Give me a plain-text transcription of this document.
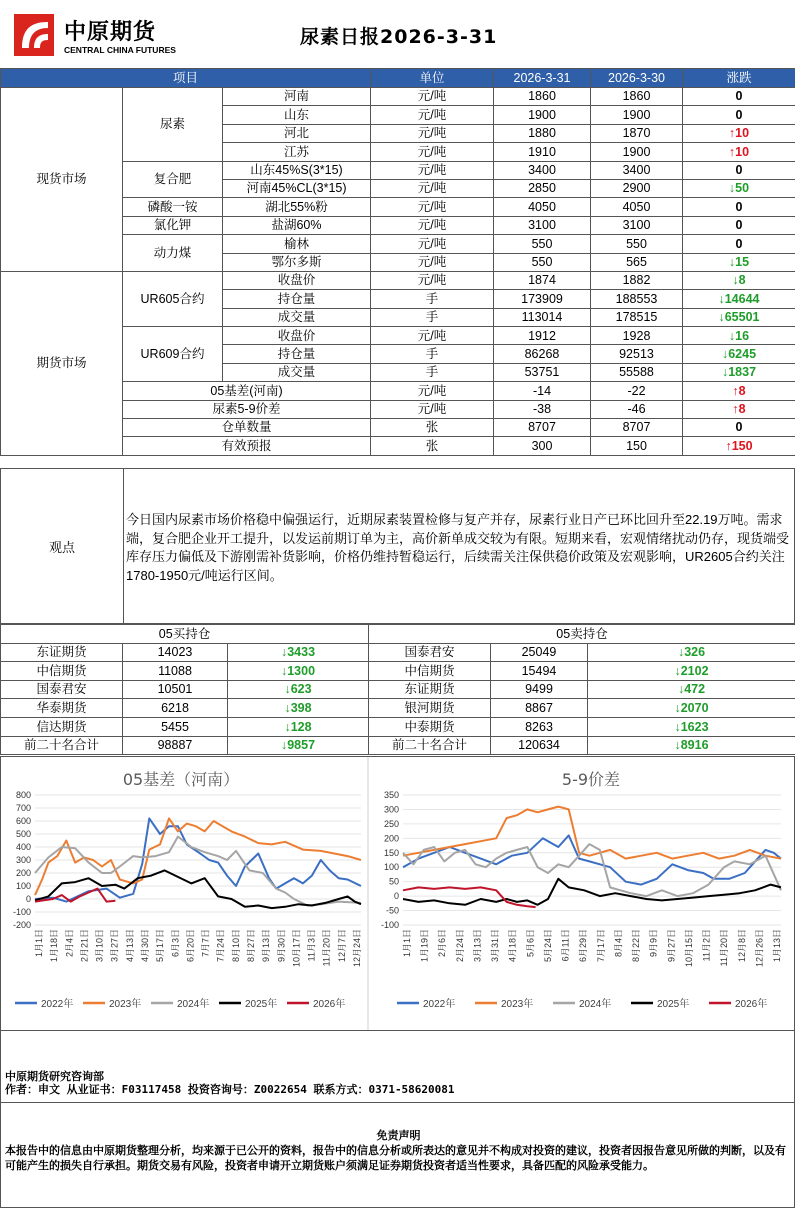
中原期货
CENTRAL CHINA FUTURES
尿素日报2026-3-31
项目			单位	2026-3-31	2026-3-30	涨跌
现货市场	尿素	河南	元/吨	1860	1860	0
		山东	元/吨	1900	1900	0
		河北	元/吨	1880	1870	↑10
		江苏	元/吨	1910	1900	↑10
	复合肥	山东45%S(3*15)	元/吨	3400	3400	0
		河南45%CL(3*15)	元/吨	2850	2900	↓50
	磷酸一铵	湖北55%粉	元/吨	4050	4050	0
	氯化钾	盐湖60%	元/吨	3100	3100	0
	动力煤	榆林	元/吨	550	550	0
		鄂尔多斯	元/吨	550	565	↓15
期货市场	UR605合约	收盘价	元/吨	1874	1882	↓8
		持仓量	手	173909	188553	↓14644
		成交量	手	113014	178515	↓65501
	UR609合约	收盘价	元/吨	1912	1928	↓16
		持仓量	手	86268	92513	↓6245
		成交量	手	53751	55588	↓1837
	05基差(河南)		元/吨	-14	-22	↑8
	尿素5-9价差		元/吨	-38	-46	↑8
	仓单数量		张	8707	8707	0
	有效预报		张	300	150	↑150
观点
今日国内尿素市场价格稳中偏强运行，近期尿素装置检修与复产并存，尿素行业日产已环比回升至22.19万吨。需求端，复合肥企业开工提升，以发运前期订单为主，高价新单成交较为有限。短期来看，宏观情绪扰动仍存，现货端受库存压力偏低及下游刚需补货影响，价格仍维持暂稳运行，后续需关注保供稳价政策及宏观影响，UR2605合约关注1780-1950元/吨运行区间。
05买持仓			05卖持仓		
东证期货	14023	↓3433	国泰君安	25049	↓326
中信期货	11088	↓1300	中信期货	15494	↓2102
国泰君安	10501	↓623	东证期货	9499	↓472
华泰期货	6218	↓398	银河期货	8867	↓2070
信达期货	5455	↓128	中泰期货	8263	↓1623
前二十名合计	98887	↓9857	前二十名合计	120634	↓8916
05基差（河南）
800
700
600
500
400
300
200
100
0
-100
-200
1月1日 1月18日 2月4日 2月21日 3月10日 3月27日 4月13日 4月30日 5月17日 6月3日 6月20日 7月7日 7月24日 8月10日 8月27日 9月13日 9月30日 10月17日 11月3日 11月20日 12月7日 12月24日
2022年	2023年	2024年	2025年	2026年
5-9价差
350
300
250
200
150
100
50
0
-50
-100
1月1日 1月19日 2月6日 2月24日 3月13日 3月31日 4月18日 5月6日 5月24日 6月11日 6月29日 7月17日 8月4日 8月22日 9月9日 9月27日 10月15日 11月2日 11月20日 12月8日 12月26日 1月13日
2022年	2023年	2024年	2025年	2026年
中原期货研究咨询部
作者：申文 从业证书：F03117458 投资咨询号：Z0022654 联系方式：0371-58620081
免责声明
本报告中的信息由中原期货整理分析，均来源于已公开的资料，报告中的信息分析或所表达的意见并不构成对投资的建议，投资者因报告意见所做的判断，以及有可能产生的损失自行承担。期货交易有风险，投资者申请开立期货账户须满足证券期货投资者适当性要求，具备匹配的风险承受能力。
